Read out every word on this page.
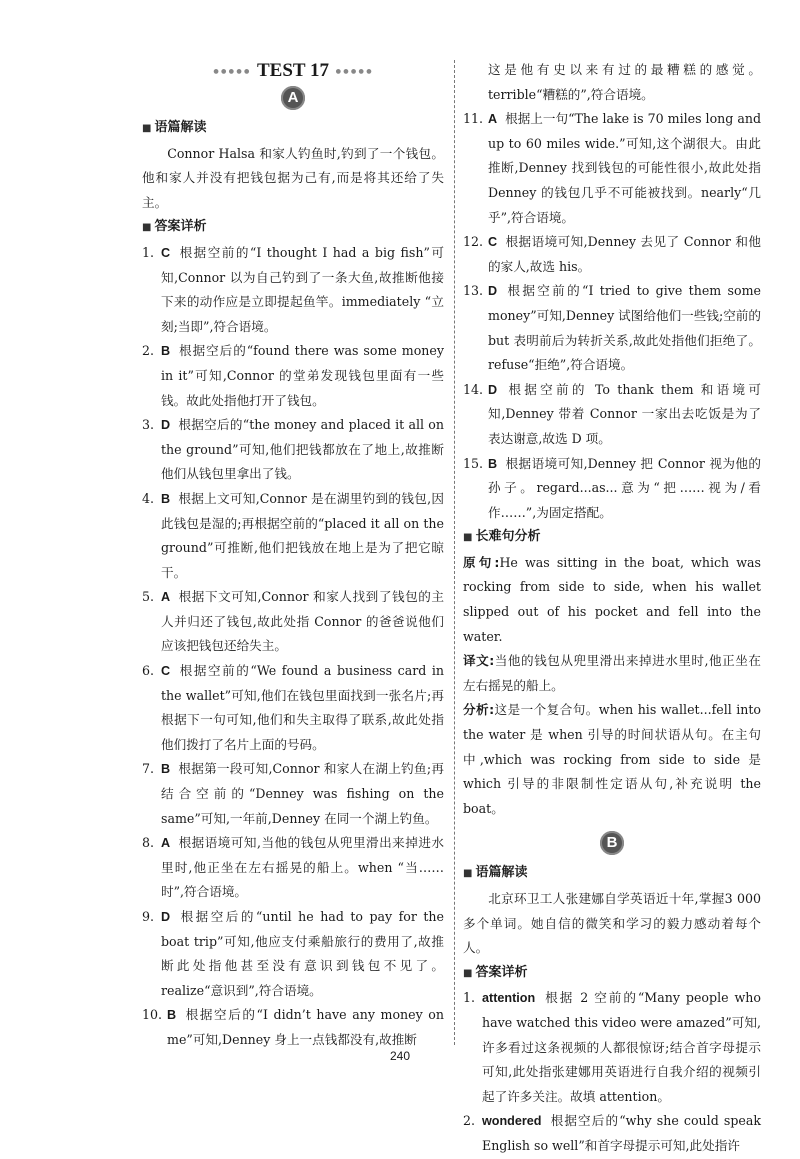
●●●●● TEST 17 ●●●●●
A
■ 语篇解读
Connor Halsa 和家人钓鱼时,钓到了一个钱包。他和家人并没有把钱包据为己有,而是将其还给了失主。
■ 答案详析
1. C 根据空前的“I thought I had a big fish”可知,Connor 以为自己钓到了一条大鱼,故推断他接下来的动作应是立即提起鱼竿。immediately “立刻;当即”,符合语境。
2. B 根据空后的“found there was some money in it”可知,Connor 的堂弟发现钱包里面有一些钱。故此处指他打开了钱包。
3. D 根据空后的“the money and placed it all on the ground”可知,他们把钱都放在了地上,故推断他们从钱包里拿出了钱。
4. B 根据上文可知,Connor 是在湖里钓到的钱包,因此钱包是湿的;再根据空前的“placed it all on the ground”可推断,他们把钱放在地上是为了把它晾干。
5. A 根据下文可知,Connor 和家人找到了钱包的主人并归还了钱包,故此处指 Connor 的爸爸说他们应该把钱包还给失主。
6. C 根据空前的“We found a business card in the wallet”可知,他们在钱包里面找到一张名片;再根据下一句可知,他们和失主取得了联系,故此处指他们拨打了名片上面的号码。
7. B 根据第一段可知,Connor 和家人在湖上钓鱼;再结合空前的“Denney was fishing on the same”可知,一年前,Denney 在同一个湖上钓鱼。
8. A 根据语境可知,当他的钱包从兜里滑出来掉进水里时,他正坐在左右摇晃的船上。when “当……时”,符合语境。
9. D 根据空后的“until he had to pay for the boat trip”可知,他应支付乘船旅行的费用了,故推断此处指他甚至没有意识到钱包不见了。realize“意识到”,符合语境。
10. B 根据空后的“I didn’t have any money on me”可知,Denney 身上一点钱都没有,故推断
这是他有史以来有过的最糟糕的感觉。terrible“糟糕的”,符合语境。
11. A 根据上一句“The lake is 70 miles long and up to 60 miles wide.”可知,这个湖很大。由此推断,Denney 找到钱包的可能性很小,故此处指 Denney 的钱包几乎不可能被找到。nearly“几乎”,符合语境。
12. C 根据语境可知,Denney 去见了 Connor 和他的家人,故选 his。
13. D 根据空前的“I tried to give them some money”可知,Denney 试图给他们一些钱;空前的 but 表明前后为转折关系,故此处指他们拒绝了。refuse“拒绝”,符合语境。
14. D 根据空前的 To thank them 和语境可知,Denney 带着 Connor 一家出去吃饭是为了表达谢意,故选 D 项。
15. B 根据语境可知,Denney 把 Connor 视为他的孙子。regard...as...意为“把……视为/看作……”,为固定搭配。
■ 长难句分析
原句:He was sitting in the boat, which was rocking from side to side, when his wallet slipped out of his pocket and fell into the water.
译文:当他的钱包从兜里滑出来掉进水里时,他正坐在左右摇晃的船上。
分析:这是一个复合句。when his wallet...fell into the water 是 when 引导的时间状语从句。在主句中,which was rocking from side to side 是 which 引导的非限制性定语从句,补充说明 the boat。
B
■ 语篇解读
北京环卫工人张建娜自学英语近十年,掌握3 000多个单词。她自信的微笑和学习的毅力感动着每个人。
■ 答案详析
1. attention 根据 2 空前的“Many people who have watched this video were amazed”可知,许多看过这条视频的人都很惊讶;结合首字母提示可知,此处指张建娜用英语进行自我介绍的视频引起了许多关注。故填 attention。
2. wondered 根据空后的“why she could speak English so well”和首字母提示可知,此处指许
240
